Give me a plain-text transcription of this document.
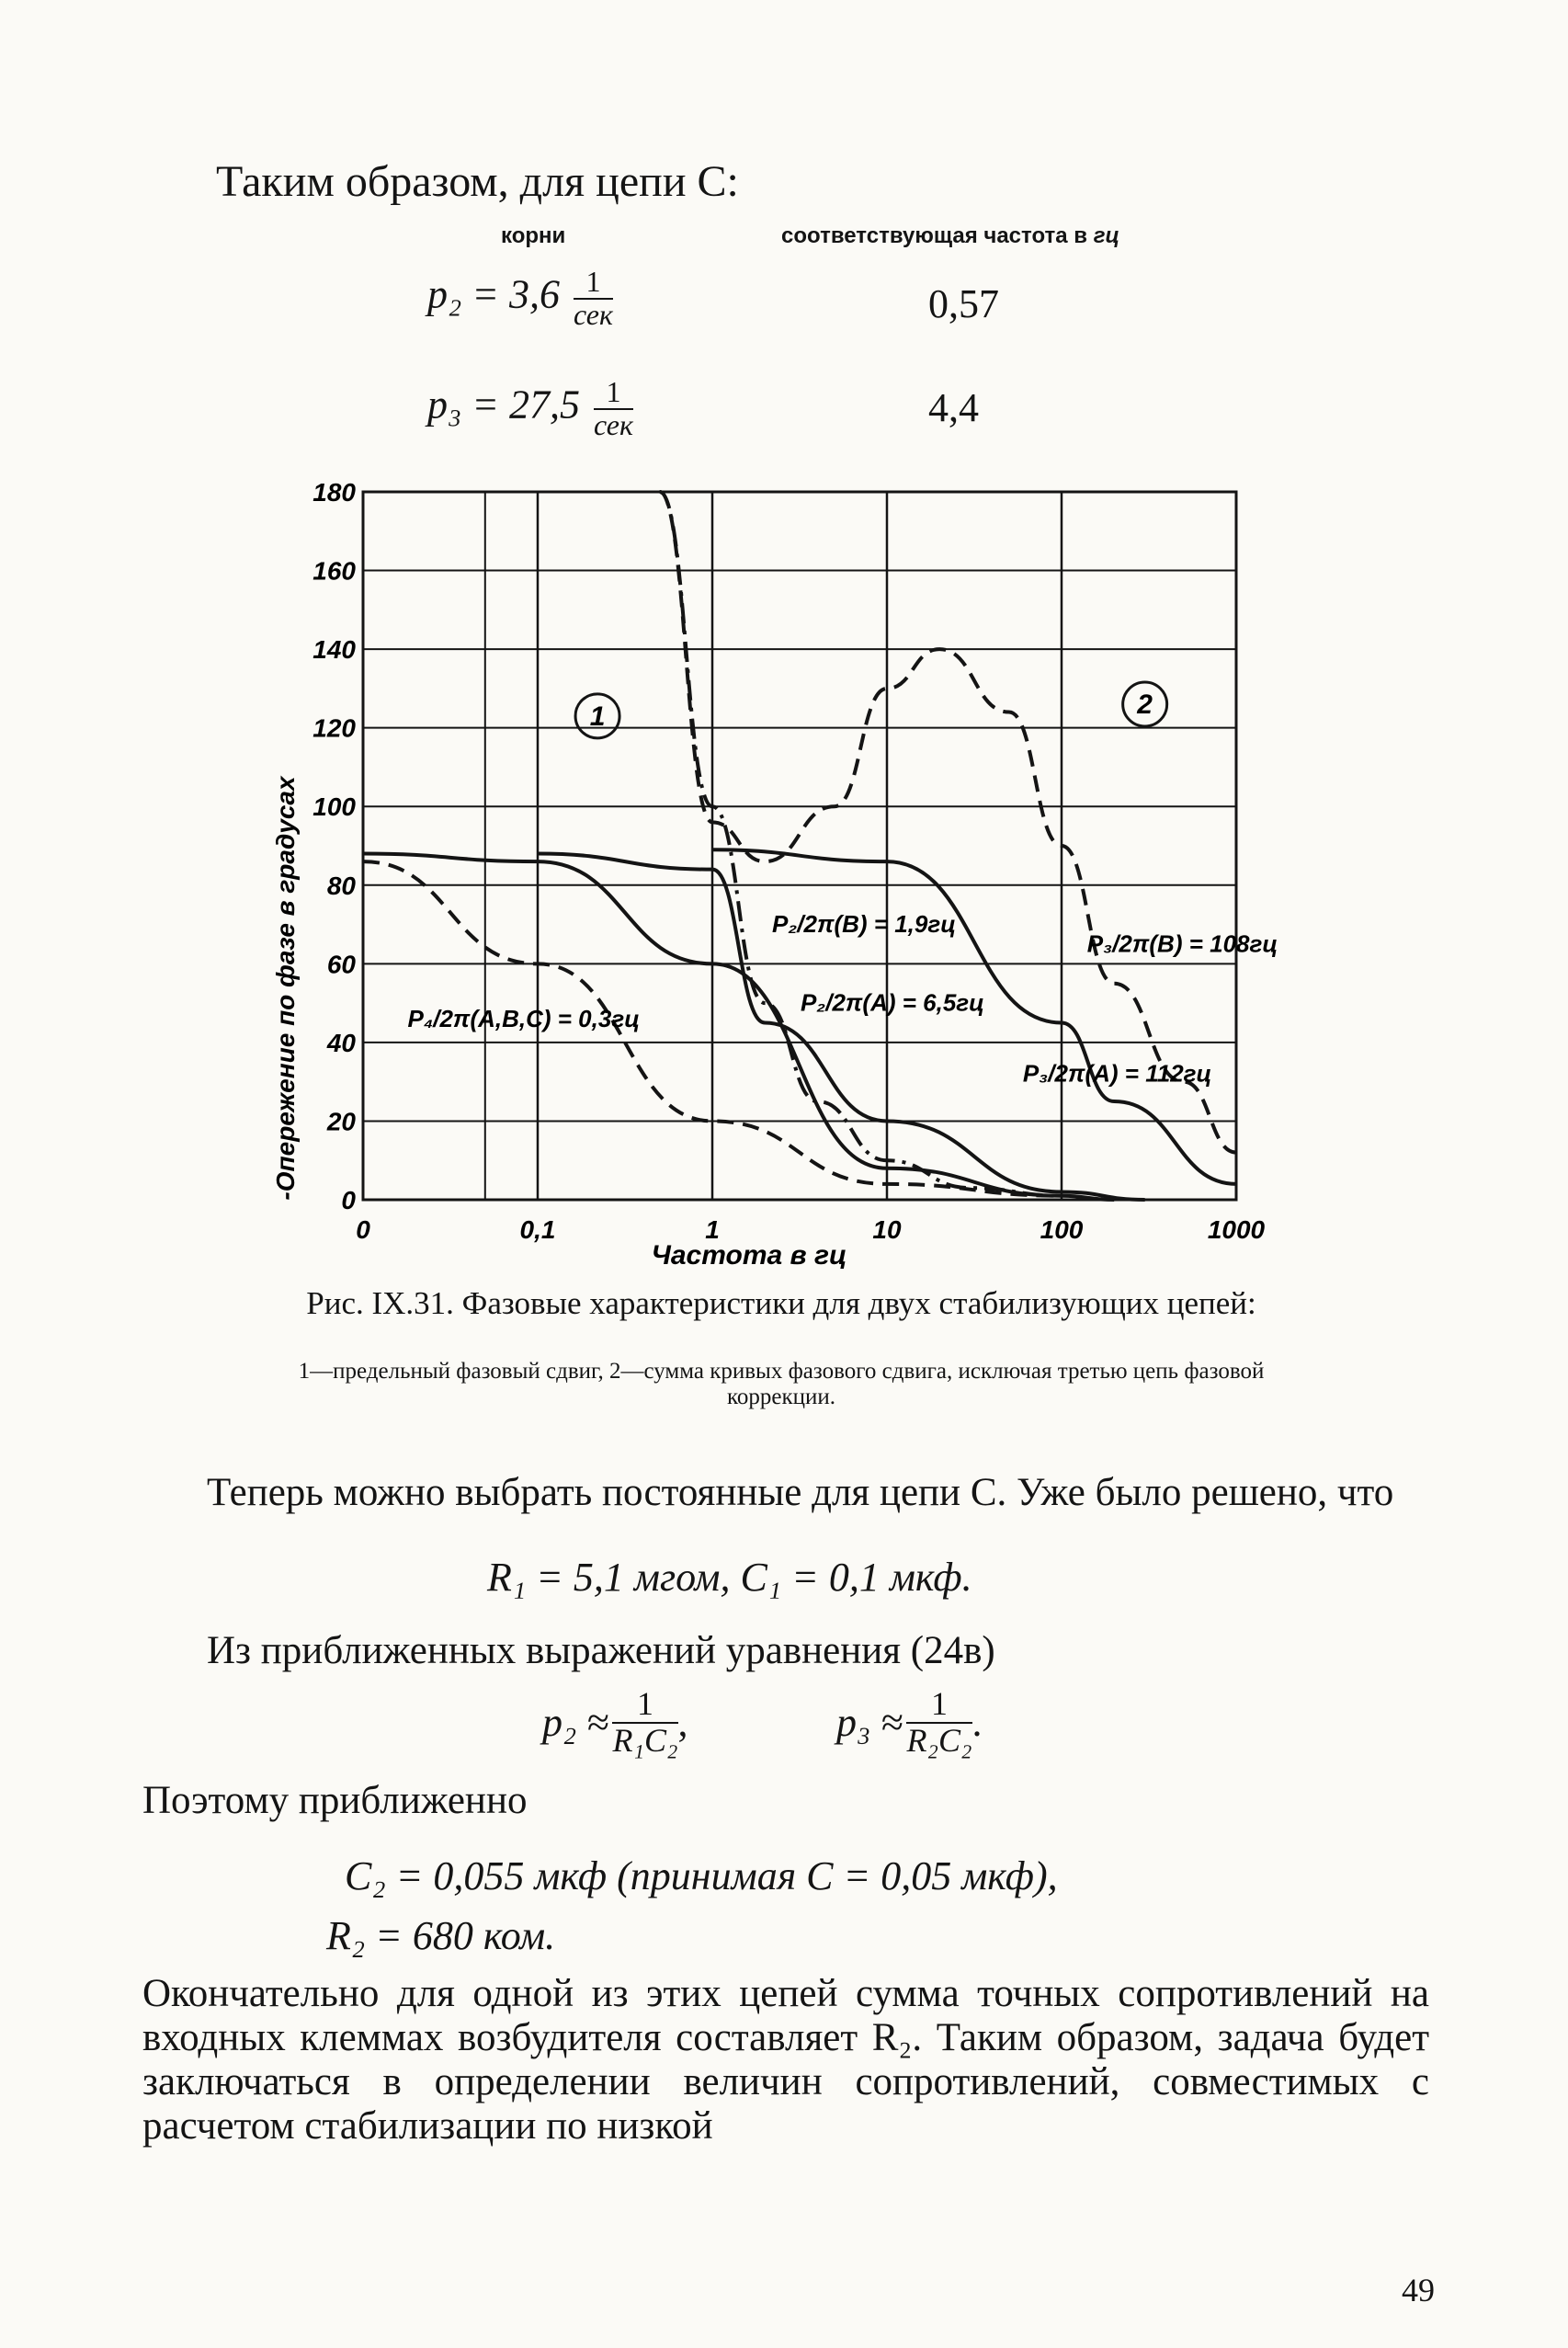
Таким образом, для цепи C:
корни	соответствующая частота в гц
$p_2 = 3,6 \frac{1}{\text{сек}}$	0,57
$p_3 = 27,5 \frac{1}{\text{сек}}$	4,4
0
20
40
60
80
100
120
140
160
180
0	0,1	1	10	100	1000
P₂/2π(B) = 1,9гц
P₂/2π(A) = 6,5гц
P₃/2π(B) = 108гц
P₃/2π(A) = 112гц
P₄/2π(A,B,C) = 0,3гц
1	2
Частота в гц
-Опережение по фазе в градусах
Рис. IX.31. Фазовые характеристики для двух стабилизующих цепей:
1—предельный фазовый сдвиг, 2—сумма кривых фазового сдвига, исключая третью цепь фазовой коррекции.
Теперь можно выбрать постоянные для цепи C. Уже было решено, что
R₁ = 5,1 мгом, C₁ = 0,1 мкф.
Из приближенных выражений уравнения (24в)
$p_2 \approx \frac{1}{\text{R₁C₂}}$ ,	$p_3 \approx \frac{1}{\text{R₂C₂}}$ .
Поэтому приближенно
C₂ = 0,055 мкф (принимая C = 0,05 мкф),
R₂ = 680 ком.
Окончательно для одной из этих цепей сумма точных сопротивлений на входных клеммах возбудителя составляет R₂. Таким образом, задача будет заключаться в определении величин сопротивлений, совместимых с расчетом стабилизации по низкой
49
